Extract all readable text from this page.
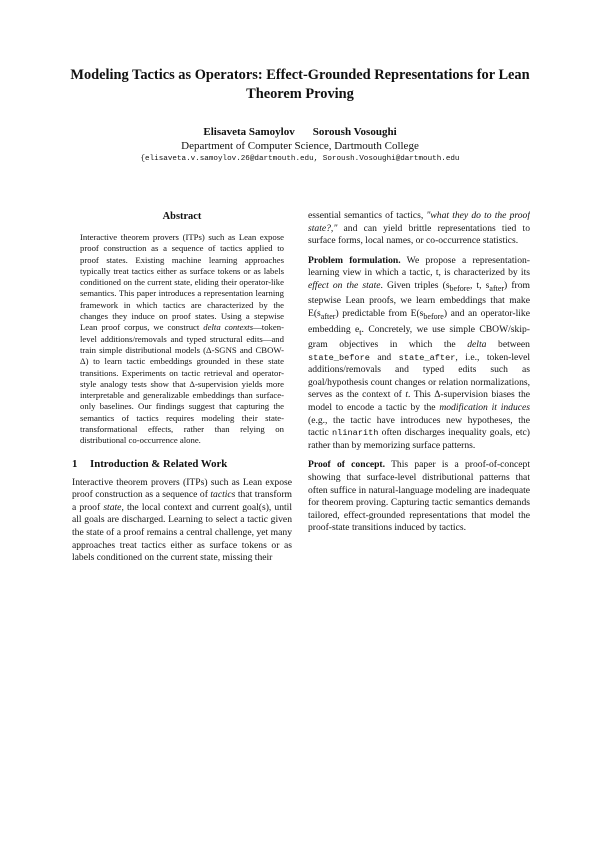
Modeling Tactics as Operators: Effect-Grounded Representations for Lean
Theorem Proving
Elisaveta Samoylov Soroush Vosoughi
Department of Computer Science, Dartmouth College
{elisaveta.v.samoylov.26@dartmouth.edu, Soroush.Vosoughi@dartmouth.edu
Abstract

Interactive theorem provers (ITPs) such as Lean expose proof construction as a sequence of tactics applied to proof states. Existing machine learning approaches typically treat tactics either as surface tokens or as labels conditioned on the current state, eliding their operator-like semantics. This paper introduces a representation learning framework in which tactics are characterized by the changes they induce on proof states. Using a stepwise Lean proof corpus, we construct delta contexts—token-level additions/removals and typed structural edits—and train simple distributional models (Δ-SGNS and CBOW-Δ) to learn tactic embeddings grounded in these state transitions. Experiments on tactic retrieval and operator-style analogy tests show that Δ-supervision yields more interpretable and generalizable embeddings than surface-only baselines. Our findings suggest that capturing the semantics of tactics requires modeling their state-transformational effects, rather than relying on distributional co-occurrence alone.

1 Introduction & Related Work

Interactive theorem provers (ITPs) such as Lean expose proof construction as a sequence of tactics that transform a proof state, the local context and current goal(s), until all goals are discharged. Learning to select a tactic given the state of a proof remains a central challenge, yet many approaches treat tactics either as surface tokens or as labels conditioned on the current state, missing their

essential semantics of tactics, "what they do to the proof state?," and can yield brittle representations tied to surface forms, local names, or co-occurrence statistics.

Problem formulation. We propose a representation-learning view in which a tactic, t, is characterized by its effect on the state. Given triples ($s_{before}$, t, $s_{after}$) from stepwise Lean proofs, we learn embeddings that make $E(s_{after})$ predictable from $E(s_{before})$ and an operator-like embedding $e_t$. Concretely, we use simple CBOW/skip-gram objectives in which the delta between state_before and state_after, i.e., token-level additions/removals and typed edits such as goal/hypothesis count changes or relation normalizations, serves as the context of t. This Δ-supervision biases the model to encode a tactic by the modification it induces (e.g., the tactic have introduces new hypotheses, the tactic nlinarith often discharges inequality goals, etc) rather than by memorizing surface patterns.

Proof of concept. This paper is a proof-of-concept showing that surface-level distributional patterns that often suffice in natural-language modeling are inadequate for theorem proving. Capturing tactic semantics demands tailored, effect-grounded representations that model the proof-state transitions induced by tactics.
